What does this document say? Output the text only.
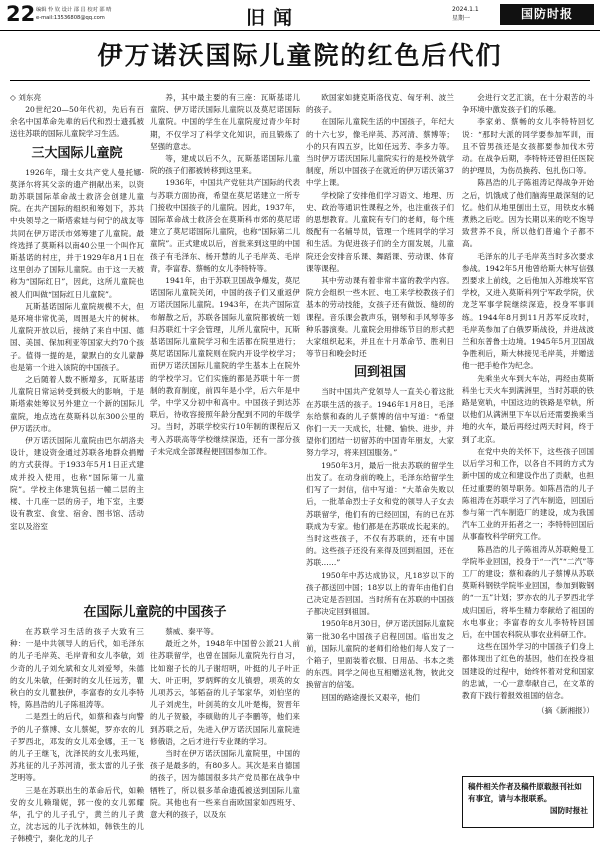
22 编辑 怜 钦 设计 邵 昌 校对 邵 晴
e-mail:13536808@qq.com	旧闻	2024.1.1
星期一	国防时报
伊万诺沃国际儿童院的红色后代们
◇ 刘东亮

20世纪20—50年代初，先后有百余名中国革命先辈的后代和烈士遗孤被送往苏联的国际儿童院学习生活。

三大国际儿童院

1926年，瑞士女共产党人曼托娜·莫泽尔将其父亲的遗产捐献出来，以资助苏联国际革命战士救济会创建儿童院。在共产国际的组织和筹划下，苏共中央领导之一斯塔索娃与何宁的战友等共同在伊万诺沃市郊筹建了儿童院。最终选择了莫斯科以南40公里一个叫作瓦斯基诺的村庄，并于1929年8月1日在这里创办了国际儿童院。由于这一天被称为“国际红日”，因此，这所儿童院也被人们叫做“国际红日儿童院”。

瓦斯基诺国际儿童院规模不大，但是环境非常优美，周围是大片的树林。儿童院开放以后，接纳了来自中国、德国、美国、保加利亚等国家大约70个孩子。值得一提的是，蒙默白的女儿蒙静也是第一个进入该院的中国孩子。

之后随着人数不断增多，瓦斯基诺儿童院日常运转受到极大的影响，于是斯塔索娃筹议另外建立一个新的国际儿童院，地点选在莫斯科以东300公里的伊万诺沃市。

伊万诺沃国际儿童院由巴尔胡洛夫设计，建设资金通过苏联各地群众捐赠的方式获得。于1933年5月1日正式建成并投入使用，也称“国际第一儿童院”。学校主体建筑包括一幢二层的主楼、十几座一层的房子，地下室，主要设有教室、食堂、宿舍、图书馆、活动室以及浴室

养，其中最主要的有三座：瓦斯基诺儿童院、伊万诺沃国际儿童院以及莫尼诺国际儿童院。中国的学生在儿童院度过青少年时期，不仅学习了科学文化知识，而且锻炼了坚强的意志。

等，建成以后不久，瓦斯基诺国际儿童院的孩子们都被转移到这里来。

1936年，中国共产党驻共产国际的代表与苏联方面协商，希望在莫尼诺建立一所专门接收中国孩子的儿童院。因此，1937年，国际革命战士救济会在莫斯科市郊的莫尼诺建立了莫尼诺国际儿童院，也称“国际第二儿童院”。正式建成以后，首批来到这里的中国孩子有毛泽东、杨开慧的儿子毛岸英、毛岸青，李富春、蔡畅的女儿李特特等。

1941年，由于苏联卫国战争爆发，莫尼诺国际儿童院关闭，中国的孩子们又重返伊万诺沃国际儿童院。1943年，在共产国际宣布解散之后，苏联各国际儿童院都被统一划归苏联红十字会管理，儿所儿童院中，瓦斯基诺国际儿童院学习和生活都在院里进行；莫尼诺国际儿童院则在院内开设学校学习；而伊万诺沃国际儿童院的学生基本上在院外的学校学习。它们实施的都是苏联十年一贯制的教育制度，前四年是小学，后六年是中学，中学又分初中和高中。中国孩子到达苏联后，待收容接照年龄分配到不同的年级学习。当时，苏联学校实行10年制的课程后又考入苏联高等学校继续深造，还有一部分孩子未完成全部课程便回国参加工作。

欧国家如捷克斯洛伐克、匈牙利、波兰的孩子。

在国际儿童院生活的中国孩子，年纪大的十六七岁，像毛岸英、苏河清、蔡博等；小的只有四五岁，比如任远芳、李多力等。当时伊万诺沃国际儿童院实行的是校外就学制度，所以中国孩子在就近的伊万诺沃第37中学上课。

学校除了安排他们学习语文、地理、历史、政治等通识性课程之外，也注重孩子们的思想教育。儿童院有专门的老师，每个班级配有一名辅导员，管理一个班同学的学习和生活。为促进孩子们的全方面发展，儿童院还会安排音乐课、舞蹈课、劳动课、体育课等课程。

其中劳动课有着非常丰富的教学内容。院方会组织一些木匠、电工来学校教孩子们基本的劳动技能，女孩子还有做饭、缝纫的课程。音乐课会教声乐，钢琴和手风琴等多种乐器演奏。儿童院会用排练节目的形式把大家组织起来，并且在十月革命节、胜利日等节日和晚会时还

回到祖国

当时中国共产党领导人一直关心着这批在苏联生活的孩子。1946年1月8日，毛泽东给蔡和森的儿子蔡博的信中写道：“希望你们一天一天成长，壮健、愉快、进步，并望你们团结一切留苏的中国青年朋友，大家努力学习，将来回国服务。”

1950年3月，最后一批去苏联的留学生出发了。在动身前的晚上，毛泽东给留学生们写了一封信，信中写道：“大革命失败以后，一批革命烈士子女和党的领导人子女去苏联留学，他们有的已经回国，有的已在苏联成为专家。他们都是在苏联成长起来的。当时这些孩子，不仅有苏联的，还有中国的。这些孩子还没有来得及回到祖国，还在苏联……”

1950年中苏达成协议，凡18岁以下的孩子都送回中国；18岁以上的青年由他们自己决定是否回国。当时所有在苏联的中国孩子都决定回到祖国。

1950年8月30日，伊万诺沃国际儿童院第一批30名中国孩子启程回国。临出发之前，国际儿童院的老师们给他们每人发了一个箱子，里面装着衣服、日用品、书本之类的东西。同学之间也互相赠送礼物，彼此交换留言的信笺。

回国的路途漫长又艰辛，他们

会进行文艺汇演，在十分艰苦的斗争环境中激发孩子们的乐趣。

李家弟、蔡畅的女儿李特特回忆说：“那时大派的同学要参加军训，而且不管男孩还是女孩都要参加伐木劳动。在战争后期，李特特还曾担任医院的护理员，为伤员换药、包扎伤口等。

陈昌浩的儿子陈祖涛记得战争开始之后，饥饿成了他们脑海里最深刻的记忆。他们从地里刨出土豆，用铁皮水桶煮熟之后吃。因为长期以来的吃不饱导致营养不良，所以他们普遍个子都不高。

毛泽东的儿子毛岸英当时多次要求参战。1942年5月他曾给斯大林写信强烈要求上前线，之后他加入苏维埃军官学校，又进入莫斯科列宁军政学院，伏龙芝军事学院继续深造，投身军事训练。1944年8月到11月苏军反攻时，毛岸英参加了白俄罗斯战役，并进战波兰和东普鲁士边境。1945年5月卫国战争胜利后，斯大林接见毛岸英，并赠送他一把手枪作为纪念。

先乘坐火车到大车站，再经由莫斯科坐七天火车到满洲里，当时苏联的铁路是宽轨，中国这边的铁路是窄轨，所以他们从满洲里下车以后还需要换乘当地的火车，最后再经过两天时间，终于到了北京。

在党中央的关怀下，这些孩子回国以后学习和工作，以各自不同的方式为新中国的成立和建设作出了贡献，也担任过重要的领导职务。如陈昌浩的儿子陈祖涛在苏联学习了汽车制造，回国后参与第一汽车制造厂的建设，成为我国汽车工业的开拓者之一；李特特回国后从事畜牧科学研究工作。

陈昌浩的儿子陈祖涛从苏联鲍曼工学院毕业回国，投身于“一汽”“二汽”等工厂的建设；蔡和森的儿子蔡博从苏联莫斯科钢铁学院毕业回国，参加到鞍钢的“一五”计划；罗亦农的儿子罗西北学成归国后，将毕生精力奉献给了祖国的水电事业；李富春的女儿李特特回国后，在中国农科院从事农业科研工作。

这些在国外学习的中国孩子们身上都体现出了红色的基因，他们在投身祖国建设的过程中，始终怀着对党和国家的忠诚，一心一意奉献自己，在文革的教育下践行着报效祖国的信念。

（摘《新湘报》）
在国际儿童院的中国孩子

在苏联学习生活的孩子大致有三种：一是中共领导人的后代，如毛泽东的儿子毛岸英、毛岸青和女儿李敏，刘少奇的儿子刘允斌和女儿刘爱琴，朱德的女儿朱敏，任弼时的女儿任远芳，瞿秋白的女儿瞿独伊，李富春的女儿李特特，陈昌浩的儿子陈祖涛等。

二是烈士的后代，如蔡和森与向警予的儿子蔡博、女儿蔡妮，罗亦农的儿子罗西北，邓发的女儿邓金娜，王一飞的儿子王继飞，沈泽民的女儿张玛娅，苏兆征的儿子苏河清，张太雷的儿子张芝明等。

三是在苏联出生的革命后代，如赖安的女儿赖瑞妮，郭一俊的女儿郭耀华，孔宁的儿子孔宁，黄兰的儿子黄立，沈志远的儿子沈林如，韩铁生的儿子韩模宁，秦化龙的儿子

蔡威、秦平等。

最近之外，1948年中国曾公派21人前往苏联留学，也曾在国际儿童院先行自习，比如谢子长的儿子谢绍明，叶挺的儿子叶正大、叶正明，罗炳辉的女儿镇碧，项英的女儿项苏云，邹韬奋的儿子邹家华，刘伯坚的儿子刘虎生，叶剑英的女儿叶楚梅，贺晋年的儿子贺毅，李硕勋的儿子李鹏等，他们来到苏联之后，先进入伊万诺沃国际儿童院进修俄语，之后才进行专业课的学习。

当时在伊万诺沃国际儿童院里，中国的孩子是最多的，有80多人。其次是来自德国的孩子，因为德国很多共产党员都在战争中牺牲了，所以很多革命遗孤被送到国际儿童院。其他也有一些来自南欧国家如西班牙、意大利的孩子，以及东

稿件相关作者及稿件原载报刊社如有事宜，请与本报联系。
国防时报社
